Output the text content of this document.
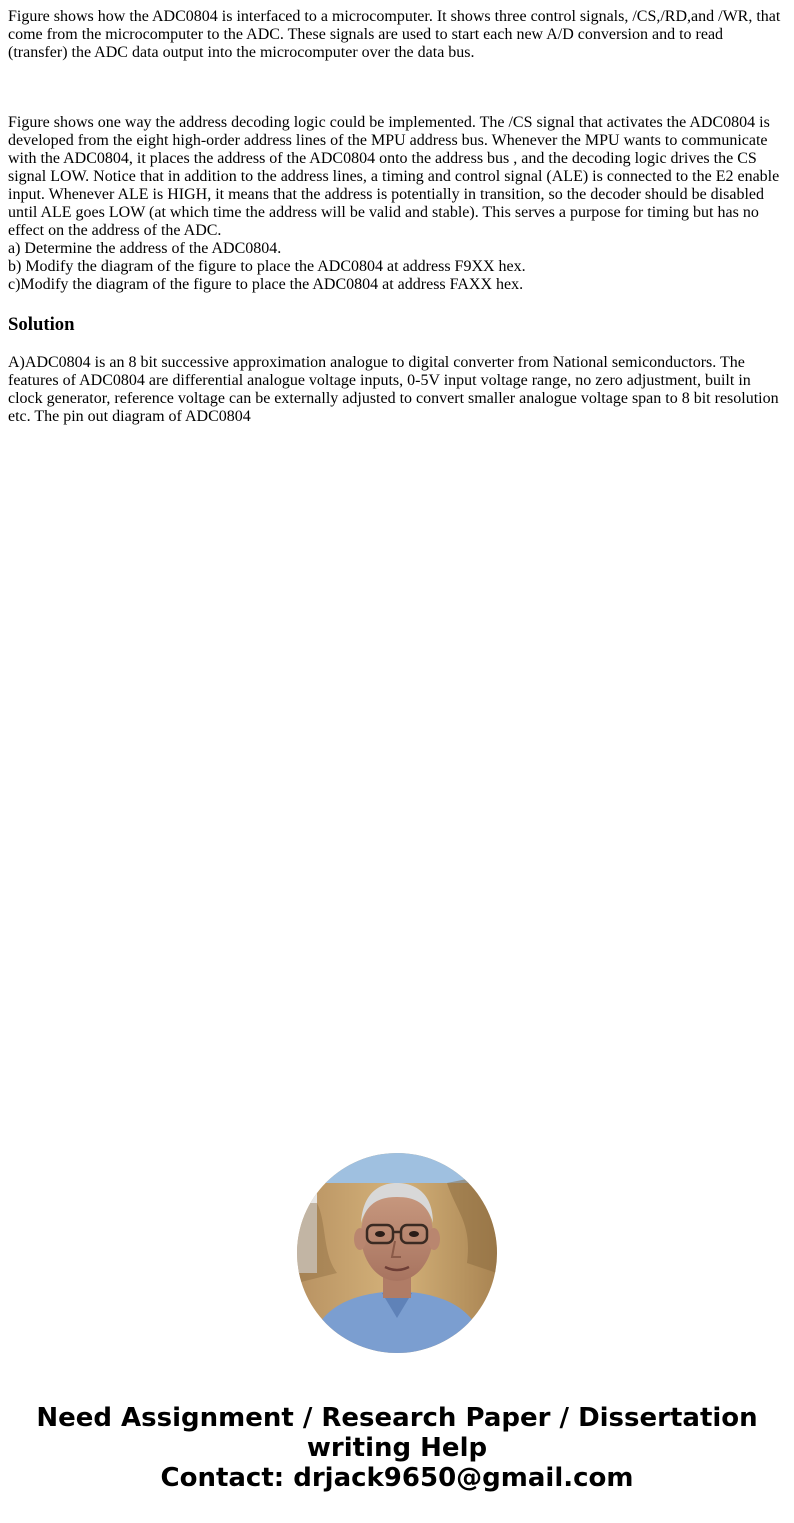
Figure shows how the ADC0804 is interfaced to a microcomputer. It shows three control signals, /CS,/RD,and /WR, that come from the microcomputer to the ADC. These signals are used to start each new A/D conversion and to read (transfer) the ADC data output into the microcomputer over the data bus.

Figure shows one way the address decoding logic could be implemented. The /CS signal that activates the ADC0804 is developed from the eight high-order address lines of the MPU address bus. Whenever the MPU wants to communicate with the ADC0804, it places the address of the ADC0804 onto the address bus , and the decoding logic drives the CS signal LOW. Notice that in addition to the address lines, a timing and control signal (ALE) is connected to the E2 enable input. Whenever ALE is HIGH, it means that the address is potentially in transition, so the decoder should be disabled until ALE goes LOW (at which time the address will be valid and stable). This serves a purpose for timing but has no effect on the address of the ADC.
a) Determine the address of the ADC0804.
b) Modify the diagram of the figure to place the ADC0804 at address F9XX hex.
c)Modify the diagram of the figure to place the ADC0804 at address FAXX hex.

Solution

A)ADC0804 is an 8 bit successive approximation analogue to digital converter from National semiconductors. The features of ADC0804 are differential analogue voltage inputs, 0-5V input voltage range, no zero adjustment, built in clock generator, reference voltage can be externally adjusted to convert smaller analogue voltage span to 8 bit resolution etc. The pin out diagram of ADC0804

Need Assignment / Research Paper / Dissertation
writing Help
Contact: drjack9650@gmail.com
